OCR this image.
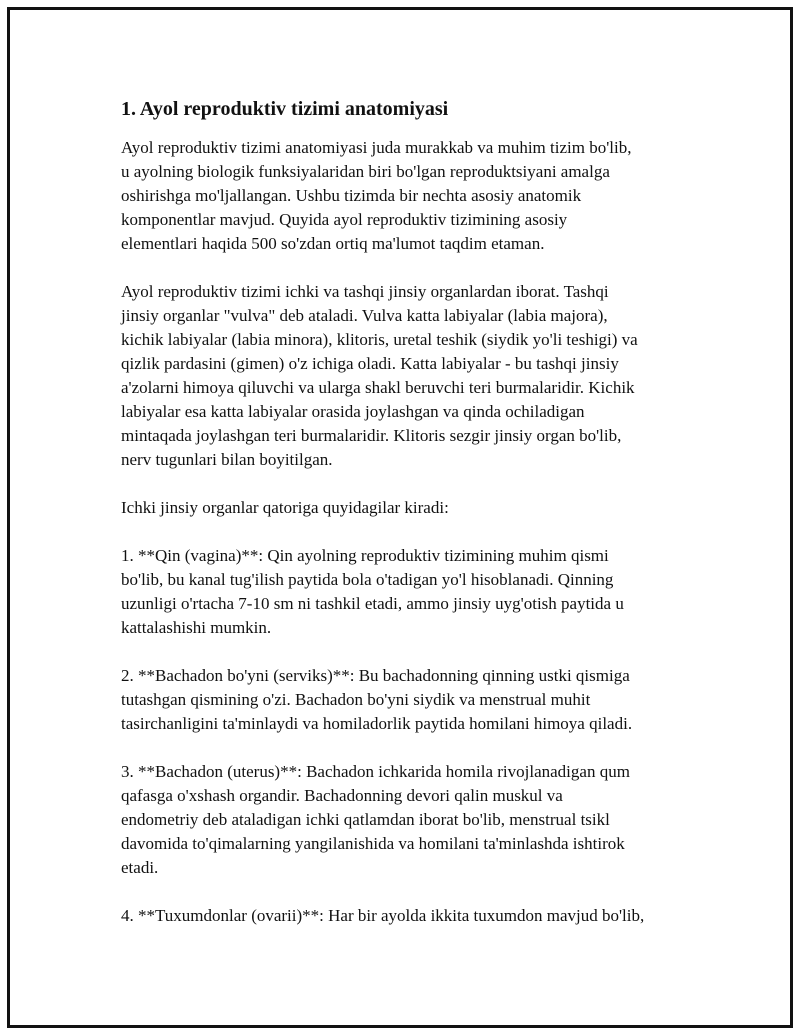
1. Ayol reproduktiv tizimi anatomiyasi
Ayol reproduktiv tizimi anatomiyasi juda murakkab va muhim tizim bo'lib,
u ayolning biologik funksiyalaridan biri bo'lgan reproduktsiyani amalga
oshirishga mo'ljallangan. Ushbu tizimda bir nechta asosiy anatomik
komponentlar mavjud. Quyida ayol reproduktiv tizimining asosiy
elementlari haqida 500 so'zdan ortiq ma'lumot taqdim etaman.
Ayol reproduktiv tizimi ichki va tashqi jinsiy organlardan iborat. Tashqi
jinsiy organlar "vulva" deb ataladi. Vulva katta labiyalar (labia majora),
kichik labiyalar (labia minora), klitoris, uretal teshik (siydik yo'li teshigi) va
qizlik pardasini (gimen) o'z ichiga oladi. Katta labiyalar - bu tashqi jinsiy
a'zolarni himoya qiluvchi va ularga shakl beruvchi teri burmalaridir. Kichik
labiyalar esa katta labiyalar orasida joylashgan va qinda ochiladigan
mintaqada joylashgan teri burmalaridir. Klitoris sezgir jinsiy organ bo'lib,
nerv tugunlari bilan boyitilgan.
Ichki jinsiy organlar qatoriga quyidagilar kiradi:
1. **Qin (vagina)**: Qin ayolning reproduktiv tizimining muhim qismi
bo'lib, bu kanal tug'ilish paytida bola o'tadigan yo'l hisoblanadi. Qinning
uzunligi o'rtacha 7-10 sm ni tashkil etadi, ammo jinsiy uyg'otish paytida u
kattalashishi mumkin.
2. **Bachadon bo'yni (serviks)**: Bu bachadonning qinning ustki qismiga
tutashgan qismining o'zi. Bachadon bo'yni siydik va menstrual muhit
tasirchanligini ta'minlaydi va homiladorlik paytida homilani himoya qiladi.
3. **Bachadon (uterus)**: Bachadon ichkarida homila rivojlanadigan qum
qafasga o'xshash organdir. Bachadonning devori qalin muskul va
endometriy deb ataladigan ichki qatlamdan iborat bo'lib, menstrual tsikl
davomida to'qimalarning yangilanishida va homilani ta'minlashda ishtirok
etadi.
4. **Tuxumdonlar (ovarii)**: Har bir ayolda ikkita tuxumdon mavjud bo'lib,
